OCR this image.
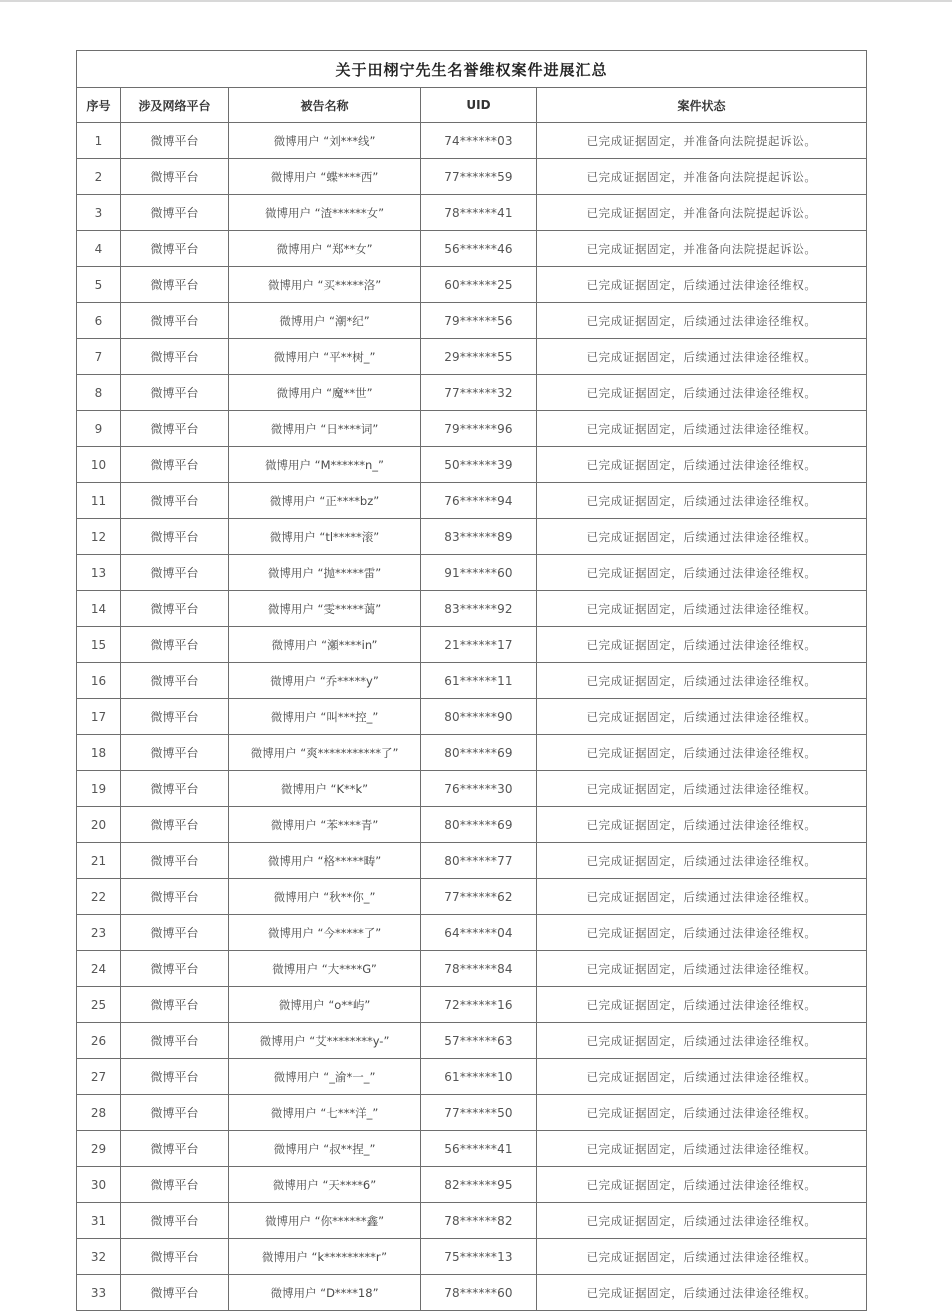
关于田栩宁先生名誉维权案件进展汇总				
序号	涉及网络平台	被告名称	UID	案件状态
1	微博平台	微博用户 “刘***线”	74******03	已完成证据固定，并准备向法院提起诉讼。
2	微博平台	微博用户 “蝶****西”	77******59	已完成证据固定，并准备向法院提起诉讼。
3	微博平台	微博用户 “渣******女”	78******41	已完成证据固定，并准备向法院提起诉讼。
4	微博平台	微博用户 “郑**女”	56******46	已完成证据固定，并准备向法院提起诉讼。
5	微博平台	微博用户 “买*****洛”	60******25	已完成证据固定，后续通过法律途径维权。
6	微博平台	微博用户 “潮*纪”	79******56	已完成证据固定，后续通过法律途径维权。
7	微博平台	微博用户 “平**树_”	29******55	已完成证据固定，后续通过法律途径维权。
8	微博平台	微博用户 “魔**世”	77******32	已完成证据固定，后续通过法律途径维权。
9	微博平台	微博用户 “日****词”	79******96	已完成证据固定，后续通过法律途径维权。
10	微博平台	微博用户 “M******n_”	50******39	已完成证据固定，后续通过法律途径维权。
11	微博平台	微博用户 “正****bz”	76******94	已完成证据固定，后续通过法律途径维权。
12	微博平台	微博用户 “tl*****滚”	83******89	已完成证据固定，后续通过法律途径维权。
13	微博平台	微博用户 “抛*****雷”	91******60	已完成证据固定，后续通过法律途径维权。
14	微博平台	微博用户 “雯*****蔼”	83******92	已完成证据固定，后续通过法律途径维权。
15	微博平台	微博用户 “瀬****in”	21******17	已完成证据固定，后续通过法律途径维权。
16	微博平台	微博用户 “乔*****y”	61******11	已完成证据固定，后续通过法律途径维权。
17	微博平台	微博用户 “叫***控_”	80******90	已完成证据固定，后续通过法律途径维权。
18	微博平台	微博用户 “爽***********了”	80******69	已完成证据固定，后续通过法律途径维权。
19	微博平台	微博用户 “K**k”	76******30	已完成证据固定，后续通过法律途径维权。
20	微博平台	微博用户 “苯****青”	80******69	已完成证据固定，后续通过法律途径维权。
21	微博平台	微博用户 “格*****畴”	80******77	已完成证据固定，后续通过法律途径维权。
22	微博平台	微博用户 “秋**你_”	77******62	已完成证据固定，后续通过法律途径维权。
23	微博平台	微博用户 “今*****了”	64******04	已完成证据固定，后续通过法律途径维权。
24	微博平台	微博用户 “大****G”	78******84	已完成证据固定，后续通过法律途径维权。
25	微博平台	微博用户 “o**屿”	72******16	已完成证据固定，后续通过法律途径维权。
26	微博平台	微博用户 “艾********y-”	57******63	已完成证据固定，后续通过法律途径维权。
27	微博平台	微博用户 “_渝*一_”	61******10	已完成证据固定，后续通过法律途径维权。
28	微博平台	微博用户 “七***洋_”	77******50	已完成证据固定，后续通过法律途径维权。
29	微博平台	微博用户 “叔**捏_”	56******41	已完成证据固定，后续通过法律途径维权。
30	微博平台	微博用户 “天****6”	82******95	已完成证据固定，后续通过法律途径维权。
31	微博平台	微博用户 “你******鑫”	78******82	已完成证据固定，后续通过法律途径维权。
32	微博平台	微博用户 “k*********r”	75******13	已完成证据固定，后续通过法律途径维权。
33	微博平台	微博用户 “D****18”	78******60	已完成证据固定，后续通过法律途径维权。
